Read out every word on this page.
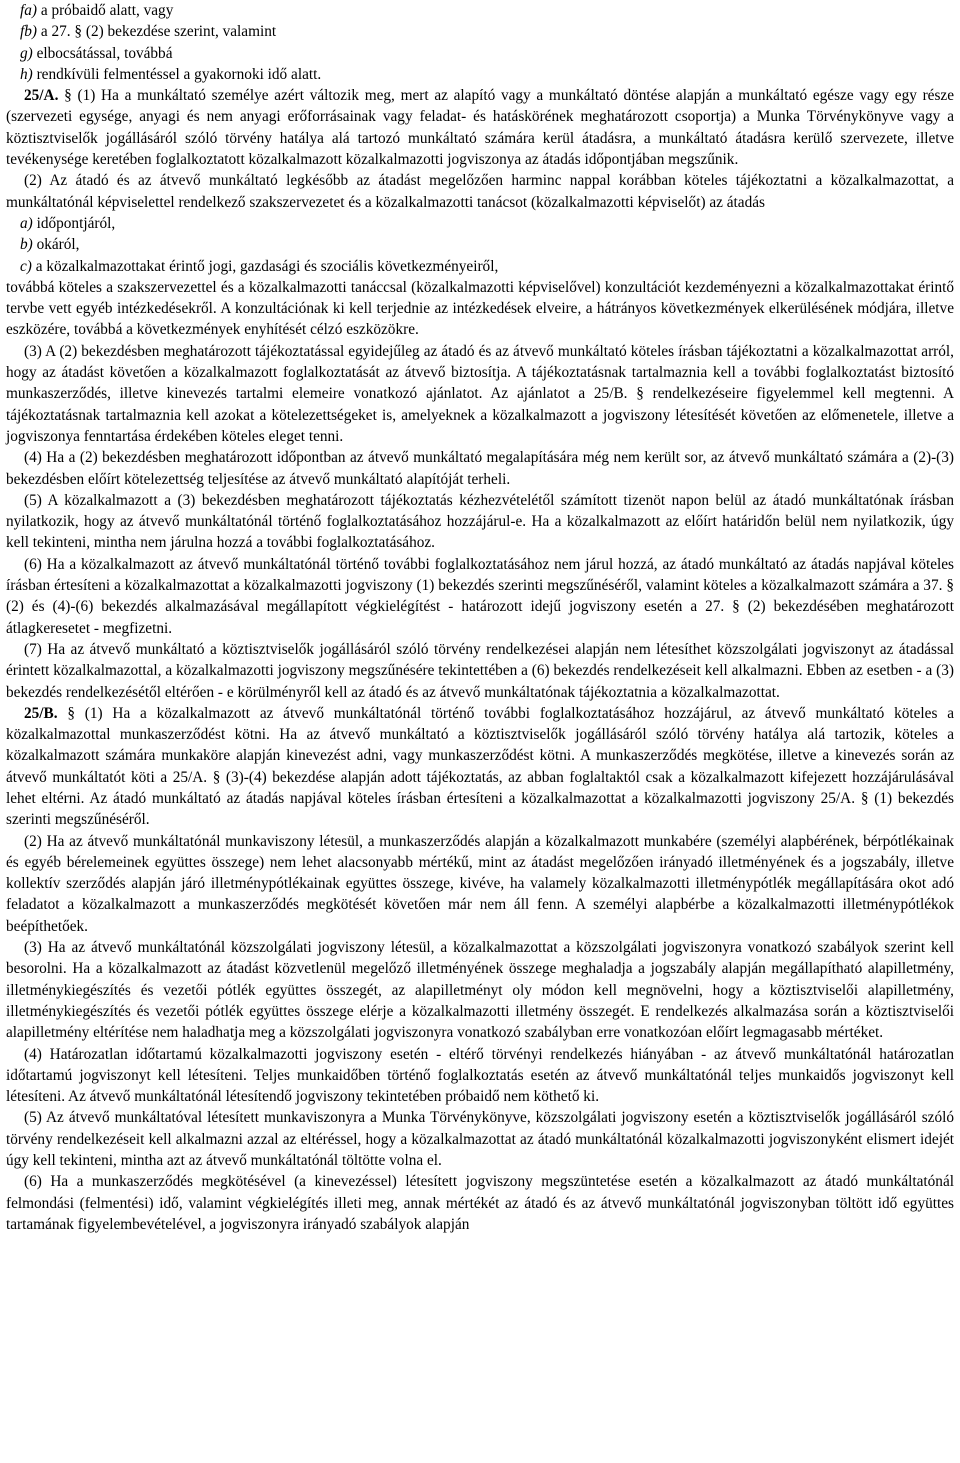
fa) a próbaidő alatt, vagy

fb) a 27. § (2) bekezdése szerint, valamint

g) elbocsátással, továbbá

h) rendkívüli felmentéssel a gyakornoki idő alatt.

25/A. § (1) Ha a munkáltató személye azért változik meg, mert az alapító vagy a munkáltató döntése alapján a munkáltató egésze vagy egy része (szervezeti egysége, anyagi és nem anyagi erőforrásainak vagy feladat- és hatáskörének meghatározott csoportja) a Munka Törvénykönyve vagy a köztisztviselők jogállásáról szóló törvény hatálya alá tartozó munkáltató számára kerül átadásra, a munkáltató átadásra kerülő szervezete, illetve tevékenysége keretében foglalkoztatott közalkalmazott közalkalmazotti jogviszonya az átadás időpontjában megszűnik.

(2) Az átadó és az átvevő munkáltató legkésőbb az átadást megelőzően harminc nappal korábban köteles tájékoztatni a közalkalmazottat, a munkáltatónál képviselettel rendelkező szakszervezetet és a közalkalmazotti tanácsot (közalkalmazotti képviselőt) az átadás

a) időpontjáról,

b) okáról,

c) a közalkalmazottakat érintő jogi, gazdasági és szociális következményeiről,

továbbá köteles a szakszervezettel és a közalkalmazotti tanáccsal (közalkalmazotti képviselővel) konzultációt kezdeményezni a közalkalmazottakat érintő tervbe vett egyéb intézkedésekről. A konzultációnak ki kell terjednie az intézkedések elveire, a hátrányos következmények elkerülésének módjára, illetve eszközére, továbbá a következmények enyhítését célzó eszközökre.

(3) A (2) bekezdésben meghatározott tájékoztatással egyidejűleg az átadó és az átvevő munkáltató köteles írásban tájékoztatni a közalkalmazottat arról, hogy az átadást követően a közalkalmazott foglalkoztatását az átvevő biztosítja. A tájékoztatásnak tartalmaznia kell a további foglalkoztatást biztosító munkaszerződés, illetve kinevezés tartalmi elemeire vonatkozó ajánlatot. Az ajánlatot a 25/B. § rendelkezéseire figyelemmel kell megtenni. A tájékoztatásnak tartalmaznia kell azokat a kötelezettségeket is, amelyeknek a közalkalmazott a jogviszony létesítését követően az előmenetele, illetve a jogviszonya fenntartása érdekében köteles eleget tenni.

(4) Ha a (2) bekezdésben meghatározott időpontban az átvevő munkáltató megalapítására még nem került sor, az átvevő munkáltató számára a (2)-(3) bekezdésben előírt kötelezettség teljesítése az átvevő munkáltató alapítóját terheli.

(5) A közalkalmazott a (3) bekezdésben meghatározott tájékoztatás kézhezvételétől számított tizenöt napon belül az átadó munkáltatónak írásban nyilatkozik, hogy az átvevő munkáltatónál történő foglalkoztatásához hozzájárul-e. Ha a közalkalmazott az előírt határidőn belül nem nyilatkozik, úgy kell tekinteni, mintha nem járulna hozzá a további foglalkoztatásához.

(6) Ha a közalkalmazott az átvevő munkáltatónál történő további foglalkoztatásához nem járul hozzá, az átadó munkáltató az átadás napjával köteles írásban értesíteni a közalkalmazottat a közalkalmazotti jogviszony (1) bekezdés szerinti megszűnéséről, valamint köteles a közalkalmazott számára a 37. § (2) és (4)-(6) bekezdés alkalmazásával megállapított végkielégítést - határozott idejű jogviszony esetén a 27. § (2) bekezdésében meghatározott átlagkeresetet - megfizetni.

(7) Ha az átvevő munkáltató a köztisztviselők jogállásáról szóló törvény rendelkezései alapján nem létesíthet közszolgálati jogviszonyt az átadással érintett közalkalmazottal, a közalkalmazotti jogviszony megszűnésére tekintettében a (6) bekezdés rendelkezéseit kell alkalmazni. Ebben az esetben - a (3) bekezdés rendelkezésétől eltérően - e körülményről kell az átadó és az átvevő munkáltatónak tájékoztatnia a közalkalmazottat.

25/B. § (1) Ha a közalkalmazott az átvevő munkáltatónál történő további foglalkoztatásához hozzájárul, az átvevő munkáltató köteles a közalkalmazottal munkaszerződést kötni. Ha az átvevő munkáltató a köztisztviselők jogállásáról szóló törvény hatálya alá tartozik, köteles a közalkalmazott számára munkaköre alapján kinevezést adni, vagy munkaszerződést kötni. A munkaszerződés megkötése, illetve a kinevezés során az átvevő munkáltatót köti a 25/A. § (3)-(4) bekezdése alapján adott tájékoztatás, az abban foglaltaktól csak a közalkalmazott kifejezett hozzájárulásával lehet eltérni. Az átadó munkáltató az átadás napjával köteles írásban értesíteni a közalkalmazottat a közalkalmazotti jogviszony 25/A. § (1) bekezdés szerinti megszűnéséről.

(2) Ha az átvevő munkáltatónál munkaviszony létesül, a munkaszerződés alapján a közalkalmazott munkabére (személyi alapbérének, bérpótlékainak és egyéb bérelemeinek együttes összege) nem lehet alacsonyabb mértékű, mint az átadást megelőzően irányadó illetményének és a jogszabály, illetve kollektív szerződés alapján járó illetménypótlékainak együttes összege, kivéve, ha valamely közalkalmazotti illetménypótlék megállapítására okot adó feladatot a közalkalmazott a munkaszerződés megkötését követően már nem áll fenn. A személyi alapbérbe a közalkalmazotti illetménypótlékok beépíthetőek.

(3) Ha az átvevő munkáltatónál közszolgálati jogviszony létesül, a közalkalmazottat a közszolgálati jogviszonyra vonatkozó szabályok szerint kell besorolni. Ha a közalkalmazott az átadást közvetlenül megelőző illetményének összege meghaladja a jogszabály alapján megállapítható alapilletmény, illetménykiegészítés és vezetői pótlék együttes összegét, az alapilletményt oly módon kell megnövelni, hogy a köztisztviselői alapilletmény, illetménykiegészítés és vezetői pótlék együttes összege elérje a közalkalmazotti illetmény összegét. E rendelkezés alkalmazása során a köztisztviselői alapilletmény eltérítése nem haladhatja meg a közszolgálati jogviszonyra vonatkozó szabályban erre vonatkozóan előírt legmagasabb mértéket.

(4) Határozatlan időtartamú közalkalmazotti jogviszony esetén - eltérő törvényi rendelkezés hiányában - az átvevő munkáltatónál határozatlan időtartamú jogviszonyt kell létesíteni. Teljes munkaidőben történő foglalkoztatás esetén az átvevő munkáltatónál teljes munkaidős jogviszonyt kell létesíteni. Az átvevő munkáltatónál létesítendő jogviszony tekintetében próbaidő nem köthető ki.

(5) Az átvevő munkáltatóval létesített munkaviszonyra a Munka Törvénykönyve, közszolgálati jogviszony esetén a köztisztviselők jogállásáról szóló törvény rendelkezéseit kell alkalmazni azzal az eltéréssel, hogy a közalkalmazottat az átadó munkáltatónál közalkalmazotti jogviszonyként elismert idejét úgy kell tekinteni, mintha azt az átvevő munkáltatónál töltötte volna el.

(6) Ha a munkaszerződés megkötésével (a kinevezéssel) létesített jogviszony megszüntetése esetén a közalkalmazott az átadó munkáltatónál felmondási (felmentési) idő, valamint végkielégítés illeti meg, annak mértékét az átadó és az átvevő munkáltatónál jogviszonyban töltött idő együttes tartamának figyelembevételével, a jogviszonyra irányadó szabályok alapján
